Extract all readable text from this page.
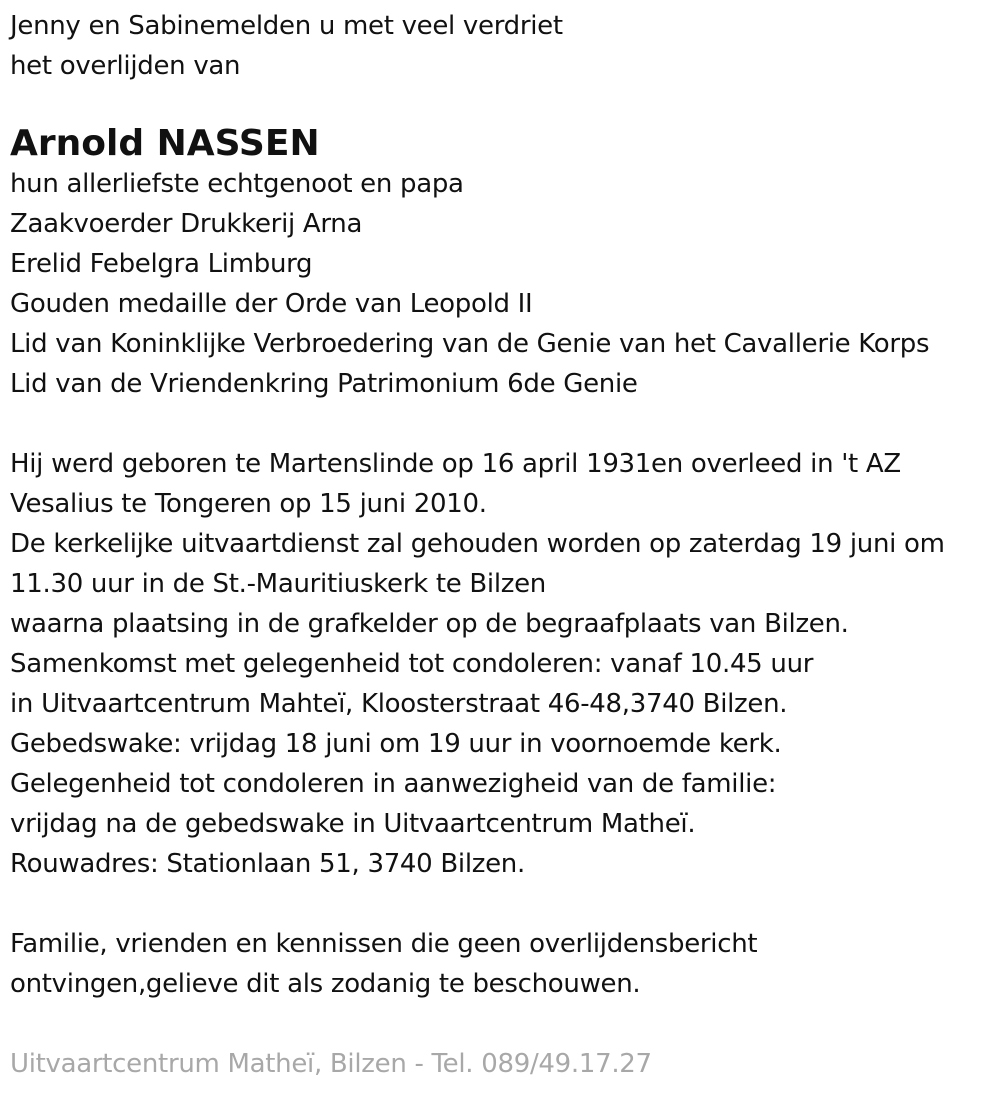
Jenny en Sabinemelden u met veel verdriet
het overlijden van
Arnold NASSEN
hun allerliefste echtgenoot en papa
Zaakvoerder Drukkerij Arna
Erelid Febelgra Limburg
Gouden medaille der Orde van Leopold II
Lid van Koninklijke Verbroedering van de Genie van het Cavallerie Korps
Lid van de Vriendenkring Patrimonium 6de Genie
Hij werd geboren te Martenslinde op 16 april 1931en overleed in 't AZ
Vesalius te Tongeren op 15 juni 2010.
De kerkelijke uitvaartdienst zal gehouden worden op zaterdag 19 juni om
11.30 uur in de St.-Mauritiuskerk te Bilzen
waarna plaatsing in de grafkelder op de begraafplaats van Bilzen.
Samenkomst met gelegenheid tot condoleren: vanaf 10.45 uur
in Uitvaartcentrum Mahteï, Kloosterstraat 46-48,3740 Bilzen.
Gebedswake: vrijdag 18 juni om 19 uur in voornoemde kerk.
Gelegenheid tot condoleren in aanwezigheid van de familie:
vrijdag na de gebedswake in Uitvaartcentrum Matheï.
Rouwadres: Stationlaan 51, 3740 Bilzen.
Familie, vrienden en kennissen die geen overlijdensbericht
ontvingen,gelieve dit als zodanig te beschouwen.
Uitvaartcentrum Matheï, Bilzen - Tel. 089/49.17.27
